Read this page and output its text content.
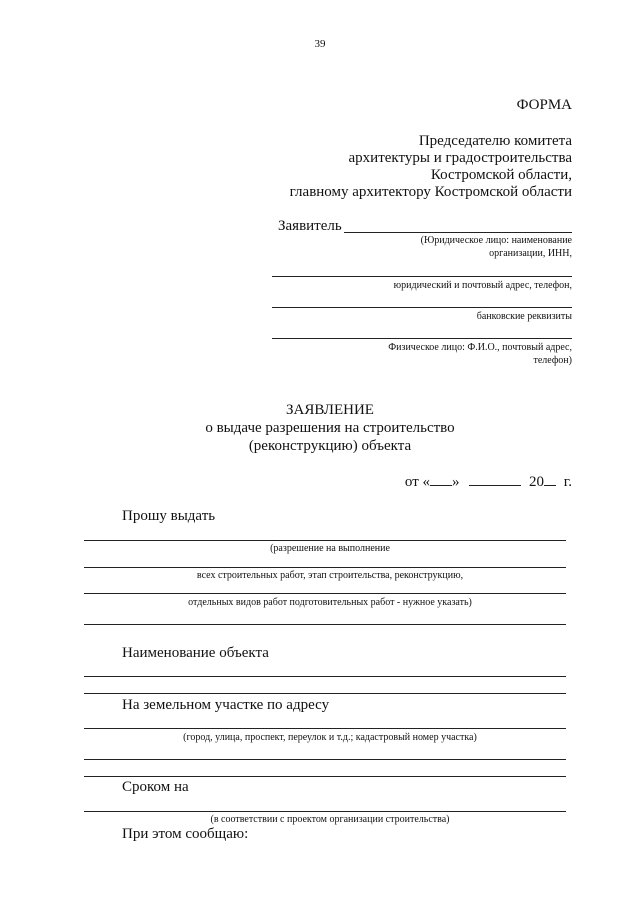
39
ФОРМА
Председателю комитета
архитектуры и градостроительства
Костромской области,
главному архитектору Костромской области
Заявитель
(Юридическое лицо: наименование
организации, ИНН,
юридический и почтовый адрес, телефон,
банковские реквизиты
Физическое лицо: Ф.И.О., почтовый адрес,
телефон)
ЗАЯВЛЕНИЕ
о выдаче разрешения на строительство
(реконструкцию) объекта
от « »	20 г.
Прошу выдать
(разрешение на выполнение
всех строительных работ, этап строительства, реконструкцию,
отдельных видов работ подготовительных работ - нужное указать)
Наименование объекта
На земельном участке по адресу
(город, улица, проспект, переулок и т.д.; кадастровый номер участка)
Сроком на
(в соответствии с проектом организации строительства)
При этом сообщаю:
